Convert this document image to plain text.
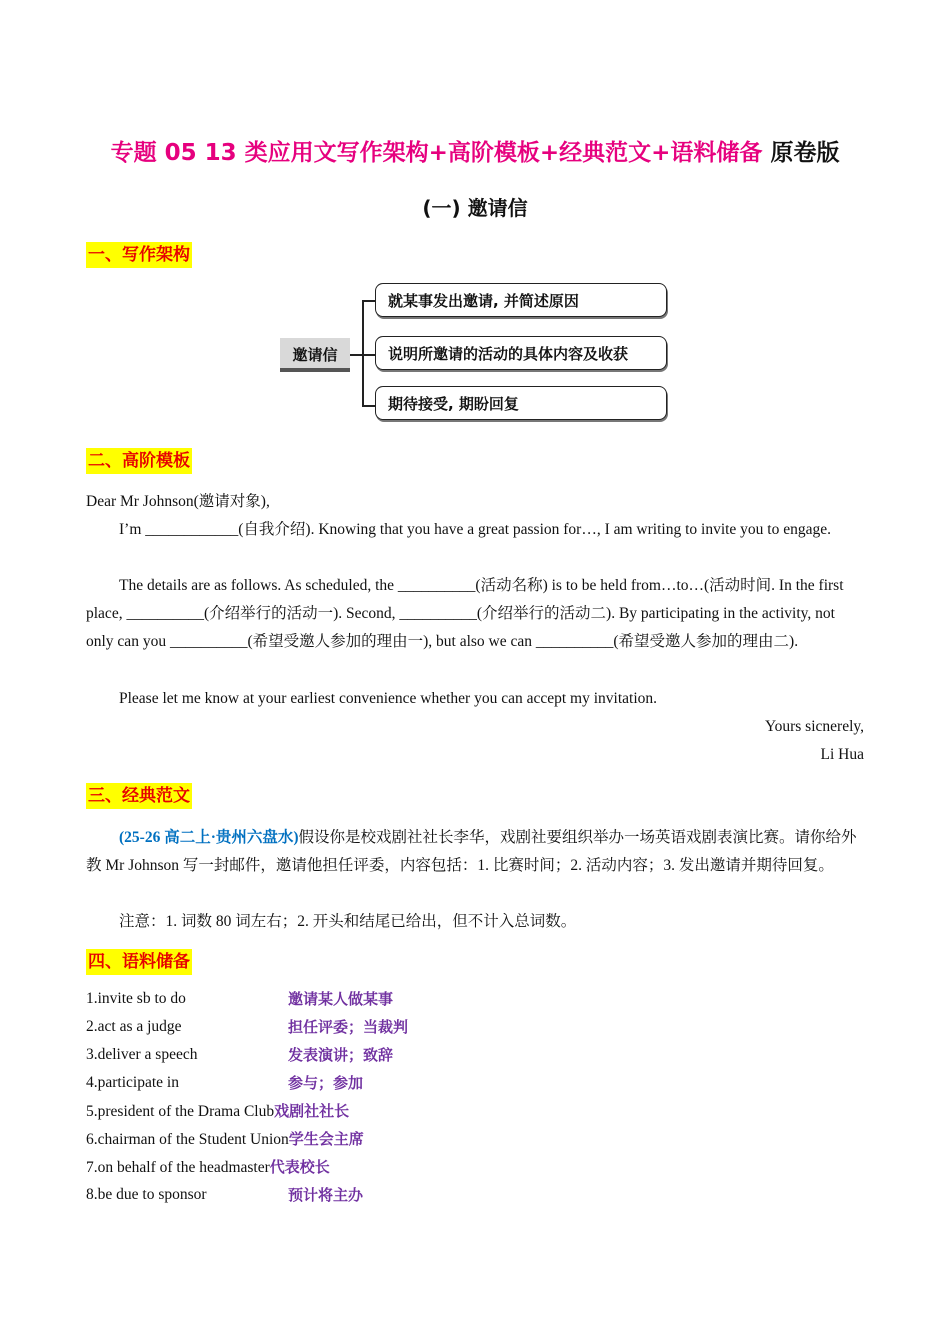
专题 05 13 类应用文写作架构+高阶模板+经典范文+语料储备 原卷版
(一) 邀请信
一、写作架构
邀请信
就某事发出邀请, 并简述原因
说明所邀请的活动的具体内容及收获
期待接受, 期盼回复
二、高阶模板
Dear Mr Johnson(邀请对象),
I’m ____________(自我介绍). Knowing that you have a great passion for…, I am writing to invite you to engage.
The details are as follows. As scheduled, the __________(活动名称) is to be held from…to…(活动时间. In the first place, __________(介绍举行的活动一). Second, __________(介绍举行的活动二). By participating in the activity, not only can you __________(希望受邀人参加的理由一), but also we can __________(希望受邀人参加的理由二).
Please let me know at your earliest convenience whether you can accept my invitation.
Yours sicnerely,
Li Hua
三、经典范文
(25-26 高二上·贵州六盘水)假设你是校戏剧社社长李华，戏剧社要组织举办一场英语戏剧表演比赛。请你给外教 Mr Johnson 写一封邮件，邀请他担任评委，内容包括：1. 比赛时间；2. 活动内容；3. 发出邀请并期待回复。
注意：1. 词数 80 词左右；2. 开头和结尾已给出，但不计入总词数。
四、语料储备
1.invite sb to do	邀请某人做某事
2.act as a judge	担任评委；当裁判
3.deliver a speech	发表演讲；致辞
4.participate in	参与；参加
5.president of the Drama Club戏剧社社长
6.chairman of the Student Union学生会主席
7.on behalf of the headmaster代表校长
8.be due to sponsor	预计将主办
